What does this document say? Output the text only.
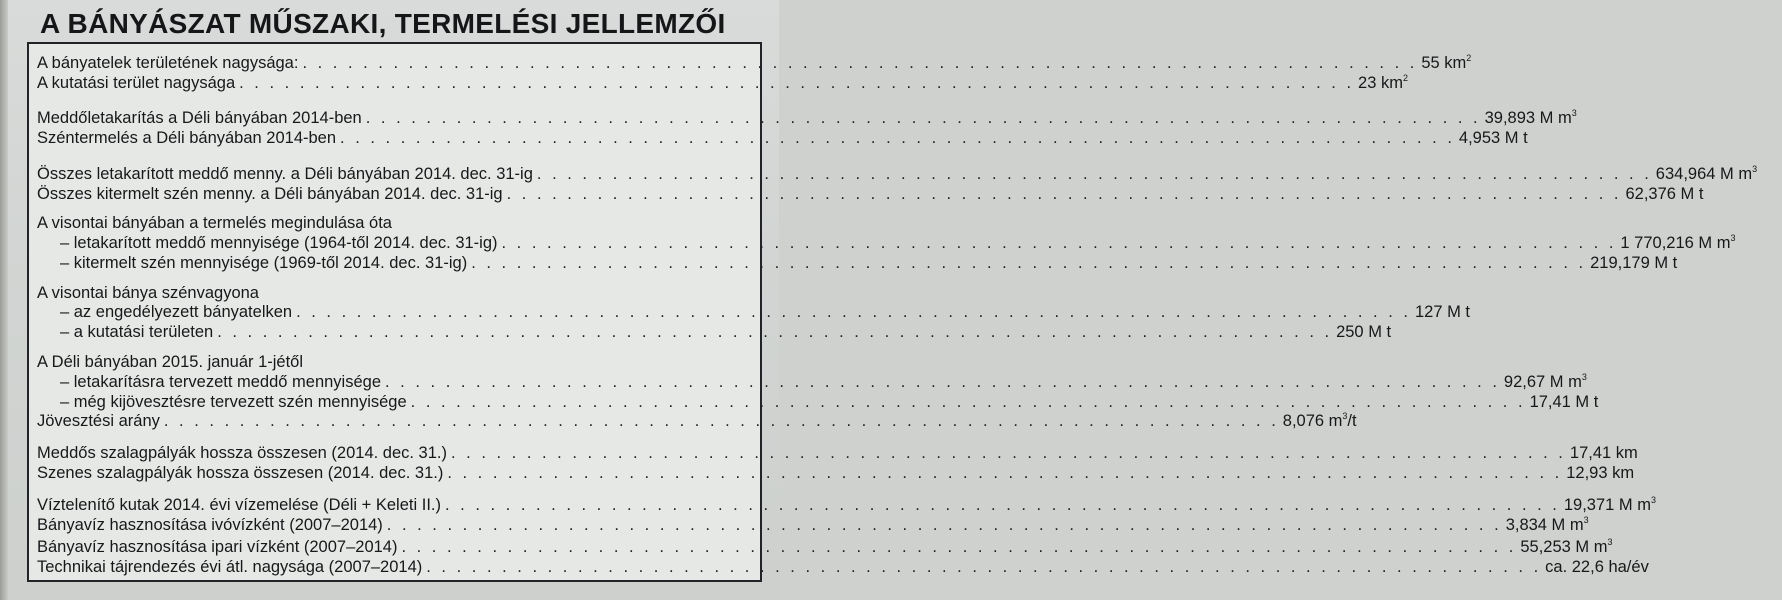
A BÁNYÁSZAT MŰSZAKI, TERMELÉSI JELLEMZŐI
A bányatelek területének nagysága: . . . . . . . . . . . . . . . . . . . . . . . . . . . . . . . . . . . . . . . . . . . . . . . . . . . . . . . . . . . . . . . . . . . . . . . . . . 55 $km^2$
A kutatási terület nagysága . . . . . . . . . . . . . . . . . . . . . . . . . . . . . . . . . . . . . . . . . . . . . . . . . . . . . . . . . . . . . . . . . . . . . . . . . . 23 $km^2$
Meddőletakarítás a Déli bányában 2014-ben . . . . . . . . . . . . . . . . . . . . . . . . . . . . . . . . . . . . . . . . . . . . . . . . . . . . . . . . . . . . . . . . . . . . . . . . . . 39,893 M $m^3$
Széntermelés a Déli bányában 2014-ben . . . . . . . . . . . . . . . . . . . . . . . . . . . . . . . . . . . . . . . . . . . . . . . . . . . . . . . . . . . . . . . . . . . . . . . . . . 4,953 M t
Összes letakarított meddő menny. a Déli bányában 2014. dec. 31-ig . . . . . . . . . . . . . . . . . . . . . . . . . . . . . . . . . . . . . . . . . . . . . . . . . . . . . . . . . . . . . . . . . . . . . . . . . . 634,964 M $m^3$
Összes kitermelt szén menny. a Déli bányában 2014. dec. 31-ig . . . . . . . . . . . . . . . . . . . . . . . . . . . . . . . . . . . . . . . . . . . . . . . . . . . . . . . . . . . . . . . . . . . . . . . . . . 62,376 M t
A visontai bányában a termelés megindulása óta
– letakarított meddő mennyisége (1964-től 2014. dec. 31-ig) . . . . . . . . . . . . . . . . . . . . . . . . . . . . . . . . . . . . . . . . . . . . . . . . . . . . . . . . . . . . . . . . . . . . . . . . . . 1 770,216 M $m^3$
– kitermelt szén mennyisége (1969-től 2014. dec. 31-ig) . . . . . . . . . . . . . . . . . . . . . . . . . . . . . . . . . . . . . . . . . . . . . . . . . . . . . . . . . . . . . . . . . . . . . . . . . . 219,179 M t
A visontai bánya szénvagyona
– az engedélyezett bányatelken . . . . . . . . . . . . . . . . . . . . . . . . . . . . . . . . . . . . . . . . . . . . . . . . . . . . . . . . . . . . . . . . . . . . . . . . . . 127 M t
– a kutatási területen . . . . . . . . . . . . . . . . . . . . . . . . . . . . . . . . . . . . . . . . . . . . . . . . . . . . . . . . . . . . . . . . . . . . . . . . . . 250 M t
A Déli bányában 2015. január 1-jétől
– letakarításra tervezett meddő mennyisége . . . . . . . . . . . . . . . . . . . . . . . . . . . . . . . . . . . . . . . . . . . . . . . . . . . . . . . . . . . . . . . . . . . . . . . . . . 92,67 M $m^3$
– még kijövesztésre tervezett szén mennyisége . . . . . . . . . . . . . . . . . . . . . . . . . . . . . . . . . . . . . . . . . . . . . . . . . . . . . . . . . . . . . . . . . . . . . . . . . . 17,41 M t
Jövesztési arány . . . . . . . . . . . . . . . . . . . . . . . . . . . . . . . . . . . . . . . . . . . . . . . . . . . . . . . . . . . . . . . . . . . . . . . . . . 8,076 $m^3/t$
Meddős szalagpályák hossza összesen (2014. dec. 31.) . . . . . . . . . . . . . . . . . . . . . . . . . . . . . . . . . . . . . . . . . . . . . . . . . . . . . . . . . . . . . . . . . . . . . . . . . . 17,41 km
Szenes szalagpályák hossza összesen (2014. dec. 31.) . . . . . . . . . . . . . . . . . . . . . . . . . . . . . . . . . . . . . . . . . . . . . . . . . . . . . . . . . . . . . . . . . . . . . . . . . . 12,93 km
Víztelenítő kutak 2014. évi vízemelése (Déli + Keleti II.) . . . . . . . . . . . . . . . . . . . . . . . . . . . . . . . . . . . . . . . . . . . . . . . . . . . . . . . . . . . . . . . . . . . . . . . . . . 19,371 M $m^3$
Bányavíz hasznosítása ivóvízként (2007–2014) . . . . . . . . . . . . . . . . . . . . . . . . . . . . . . . . . . . . . . . . . . . . . . . . . . . . . . . . . . . . . . . . . . . . . . . . . . 3,834 M $m^3$
Bányavíz hasznosítása ipari vízként (2007–2014) . . . . . . . . . . . . . . . . . . . . . . . . . . . . . . . . . . . . . . . . . . . . . . . . . . . . . . . . . . . . . . . . . . . . . . . . . . 55,253 M $m^3$
Technikai tájrendezés évi átl. nagysága (2007–2014) . . . . . . . . . . . . . . . . . . . . . . . . . . . . . . . . . . . . . . . . . . . . . . . . . . . . . . . . . . . . . . . . . . . . . . . . . . ca. 22,6 ha/év
